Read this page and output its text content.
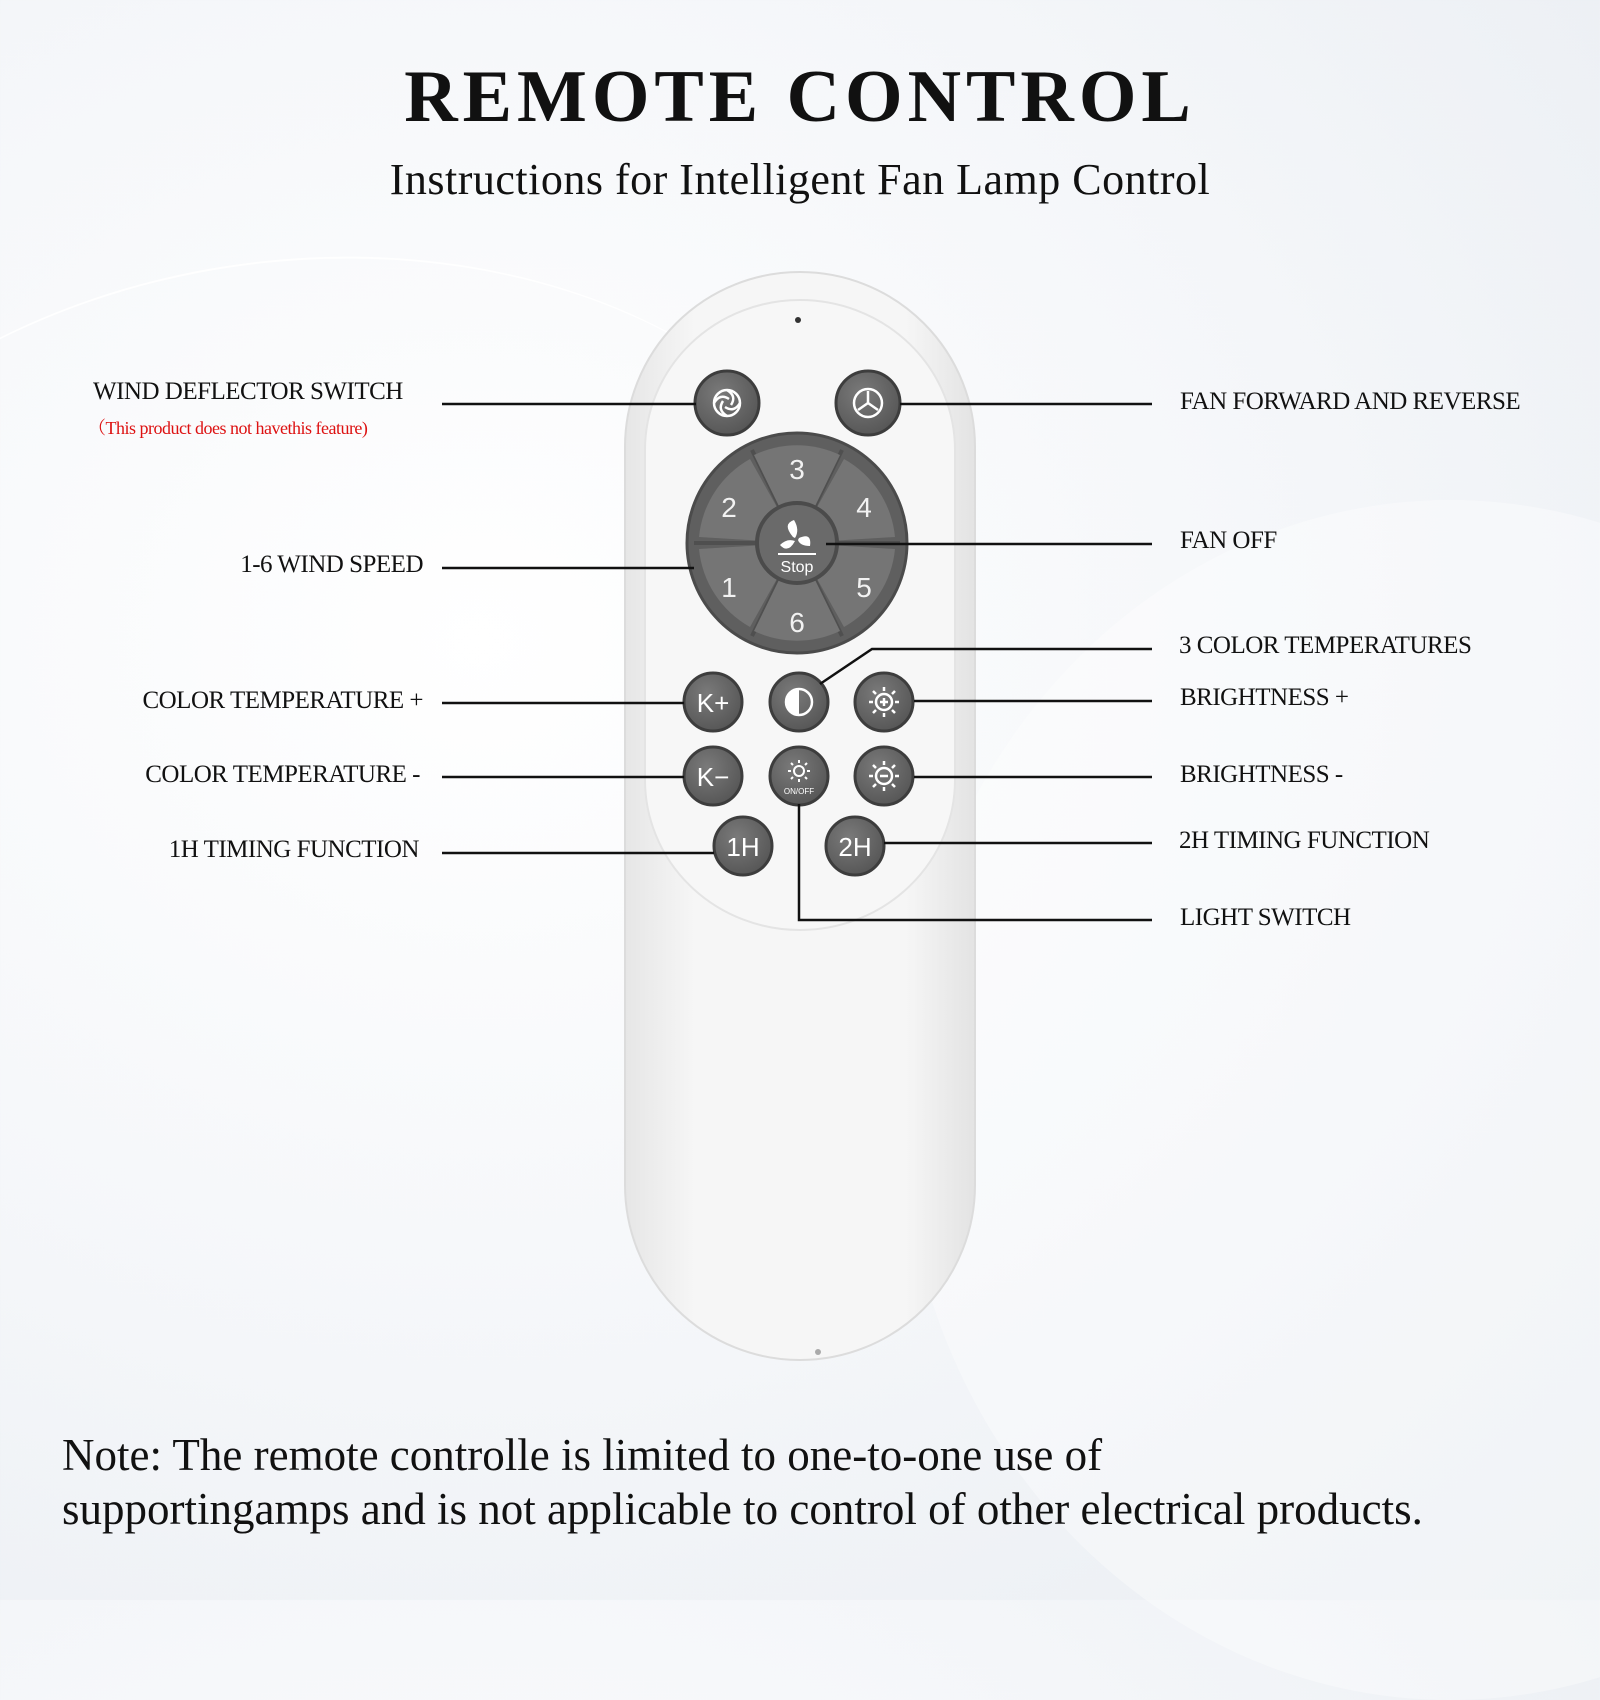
REMOTE CONTROL
Instructions for Intelligent Fan Lamp Control
Stop
3
2	4
1	5
6
K+
K−	ON/OFF
1H	2H
WIND DEFLECTOR SWITCH
（This product does not havethis feature)
1-6 WIND SPEED
COLOR TEMPERATURE +
COLOR TEMPERATURE -
1H TIMING FUNCTION
FAN FORWARD AND REVERSE
FAN OFF
3 COLOR TEMPERATURES
BRIGHTNESS +
BRIGHTNESS -
2H TIMING FUNCTION
LIGHT SWITCH
Note: The remote controlle is limited to one-to-one use of
supportingamps and is not applicable to control of other electrical products.
